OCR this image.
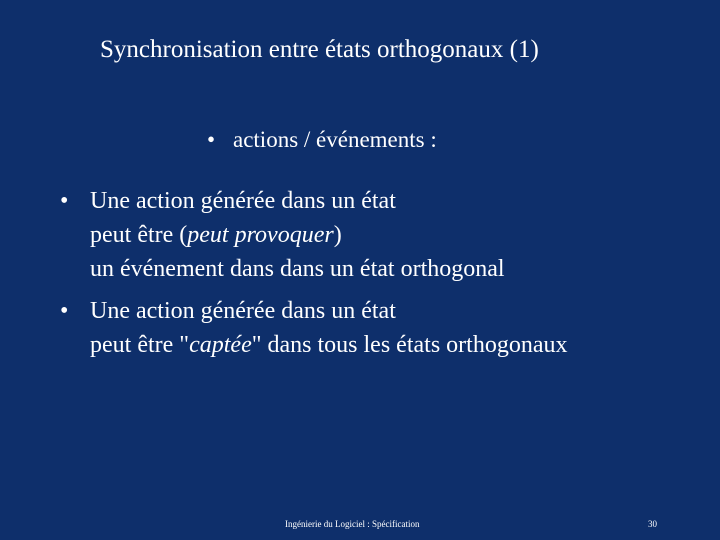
Synchronisation entre états orthogonaux (1)
• actions / événements :
• Une action générée dans un état
peut être (peut provoquer)
un événement dans dans un état orthogonal
• Une action générée dans un état
peut être "captée" dans tous les états orthogonaux
Ingénierie du Logiciel : Spécification	30
